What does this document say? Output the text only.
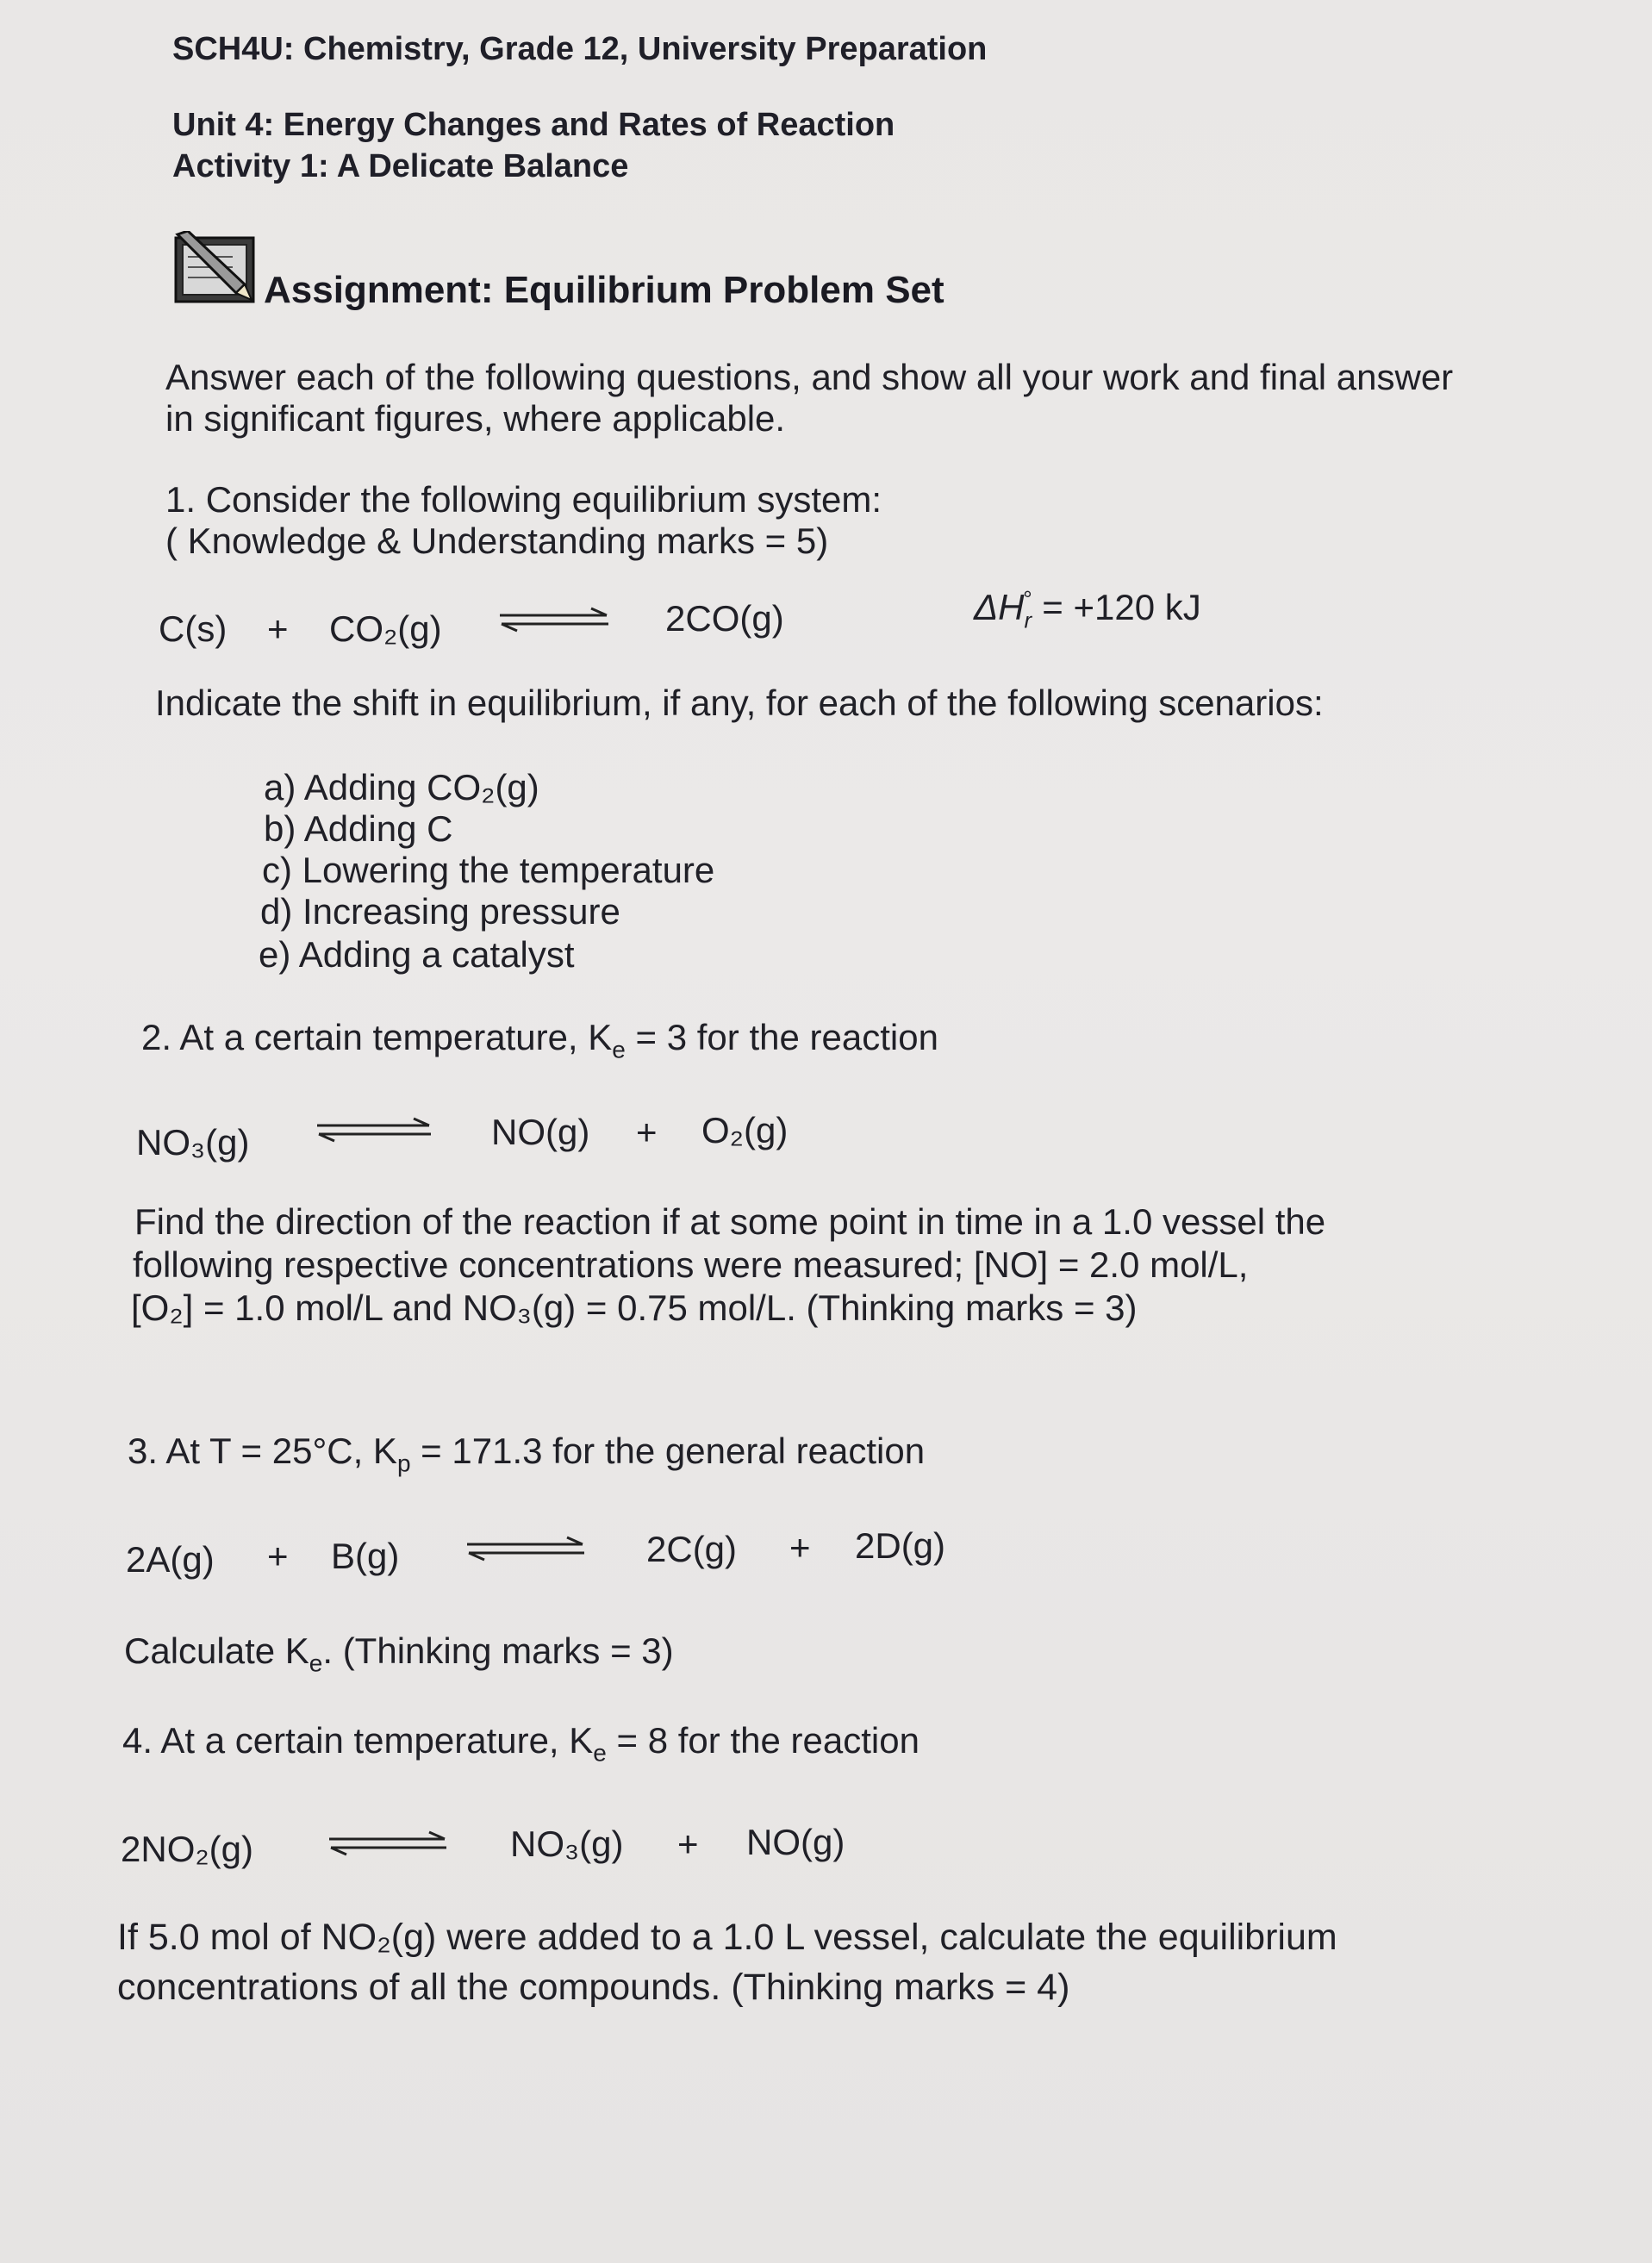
SCH4U: Chemistry, Grade 12, University Preparation
Unit 4: Energy Changes and Rates of Reaction
Activity 1: A Delicate Balance
Assignment: Equilibrium Problem Set
Answer each of the following questions, and show all your work and final answer
in significant figures, where applicable.
1. Consider the following equilibrium system:
( Knowledge & Understanding marks = 5)
C(s) + CO₂(g)	2CO(g)	$\Delta H_r^\circ = +120$ kJ
Indicate the shift in equilibrium, if any, for each of the following scenarios:
a) Adding CO₂(g)
b) Adding C
c) Lowering the temperature
d) Increasing pressure
e) Adding a catalyst
2. At a certain temperature, $K_e = 3$ for the reaction
NO₃(g)	NO(g) + O₂(g)
Find the direction of the reaction if at some point in time in a 1.0 vessel the
following respective concentrations were measured; [NO] = 2.0 mol/L,
[O₂] = 1.0 mol/L and NO₃(g) = 0.75 mol/L. (Thinking marks = 3)
3. At T = 25°C, $K_p = 171.3$ for the general reaction
2A(g) + B(g)	2C(g) + 2D(g)
Calculate $K_e$. (Thinking marks = 3)
4. At a certain temperature, $K_e = 8$ for the reaction
2NO₂(g)	NO₃(g) + NO(g)
If 5.0 mol of NO₂(g) were added to a 1.0 L vessel, calculate the equilibrium
concentrations of all the compounds. (Thinking marks = 4)
